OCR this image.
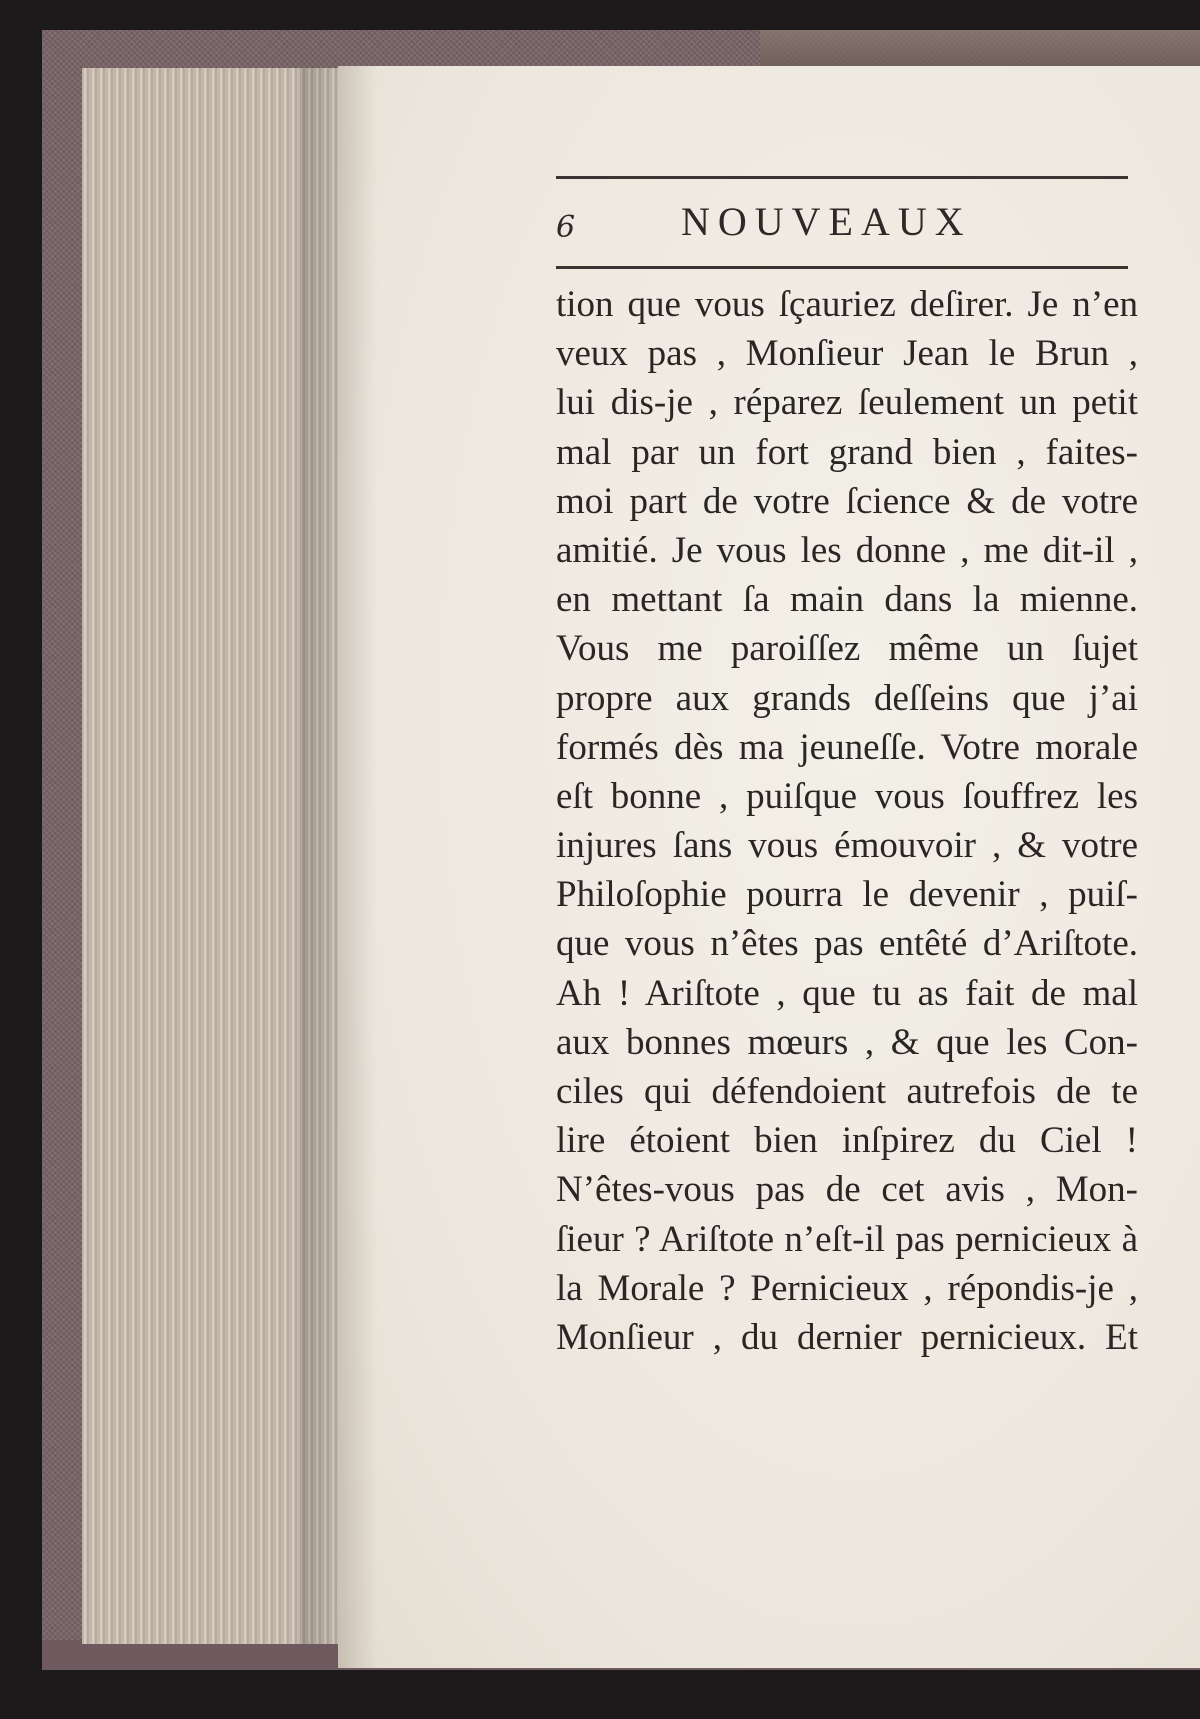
6	NOUVEAUX
tion que vous ſçauriez deſirer. Je n’en
veux pas , Monſieur Jean le Brun ,
lui dis-je , réparez ſeulement un petit
mal par un fort grand bien , faites-
moi part de votre ſcience & de votre
amitié. Je vous les donne , me dit-il ,
en mettant ſa main dans la mienne.
Vous me paroiſſez même un ſujet
propre aux grands deſſeins que j’ai
formés dès ma jeuneſſe. Votre morale
eſt bonne , puiſque vous ſouffrez les
injures ſans vous émouvoir , & votre
Philoſophie pourra le devenir , puiſ-
que vous n’êtes pas entêté d’Ariſtote.
Ah ! Ariſtote , que tu as fait de mal
aux bonnes mœurs , & que les Con-
ciles qui défendoient autrefois de te
lire étoient bien inſpirez du Ciel !
N’êtes-vous pas de cet avis , Mon-
ſieur ? Ariſtote n’eſt-il pas pernicieux à
la Morale ? Pernicieux , répondis-je ,
Monſieur , du dernier pernicieux. Et
